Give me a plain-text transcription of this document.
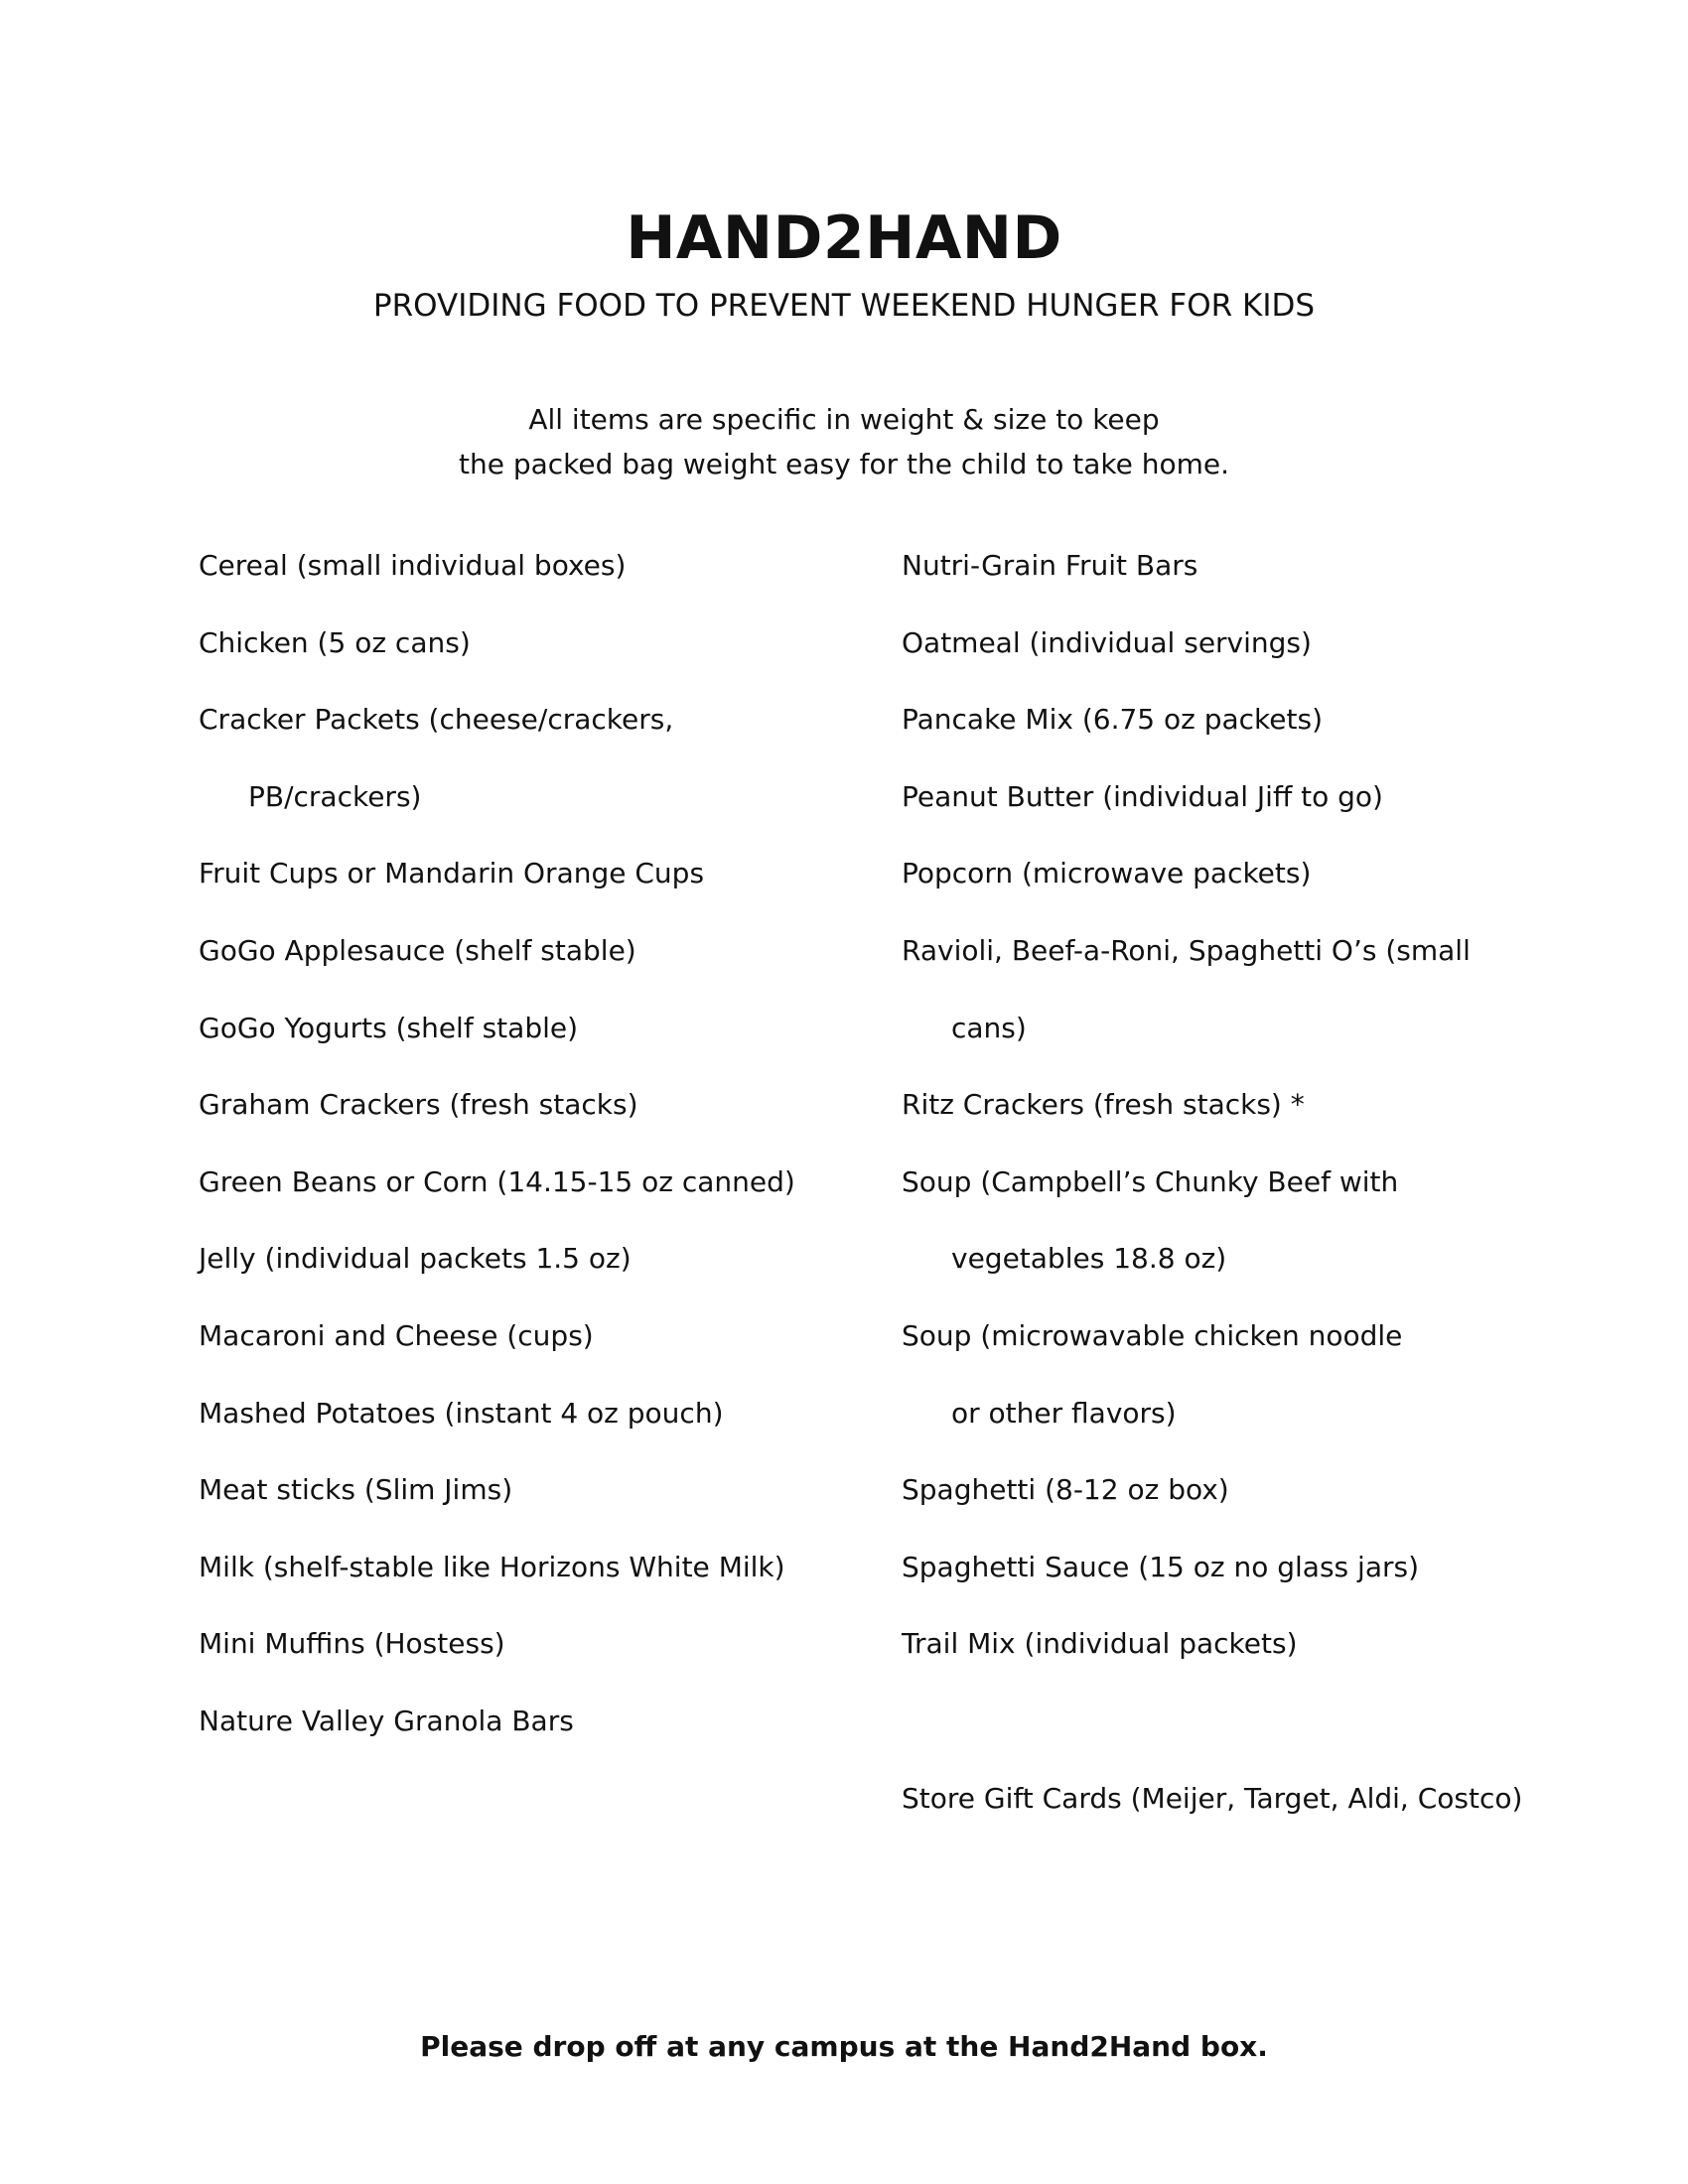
HAND2HAND
PROVIDING FOOD TO PREVENT WEEKEND HUNGER FOR KIDS
All items are specific in weight & size to keep
the packed bag weight easy for the child to take home.
Cereal (small individual boxes)
Chicken (5 oz cans)
Cracker Packets (cheese/crackers,
PB/crackers)
Fruit Cups or Mandarin Orange Cups
GoGo Applesauce (shelf stable)
GoGo Yogurts (shelf stable)
Graham Crackers (fresh stacks)
Green Beans or Corn (14.15-15 oz canned)
Jelly (individual packets 1.5 oz)
Macaroni and Cheese (cups)
Mashed Potatoes (instant 4 oz pouch)
Meat sticks (Slim Jims)
Milk (shelf-stable like Horizons White Milk)
Mini Muffins (Hostess)
Nature Valley Granola Bars
Nutri-Grain Fruit Bars
Oatmeal (individual servings)
Pancake Mix (6.75 oz packets)
Peanut Butter (individual Jiff to go)
Popcorn (microwave packets)
Ravioli, Beef-a-Roni, Spaghetti O’s (small
cans)
Ritz Crackers (fresh stacks) *
Soup (Campbell’s Chunky Beef with
vegetables 18.8 oz)
Soup (microwavable chicken noodle
or other flavors)
Spaghetti (8-12 oz box)
Spaghetti Sauce (15 oz no glass jars)
Trail Mix (individual packets)
Store Gift Cards (Meijer, Target, Aldi, Costco)
Please drop off at any campus at the Hand2Hand box.
